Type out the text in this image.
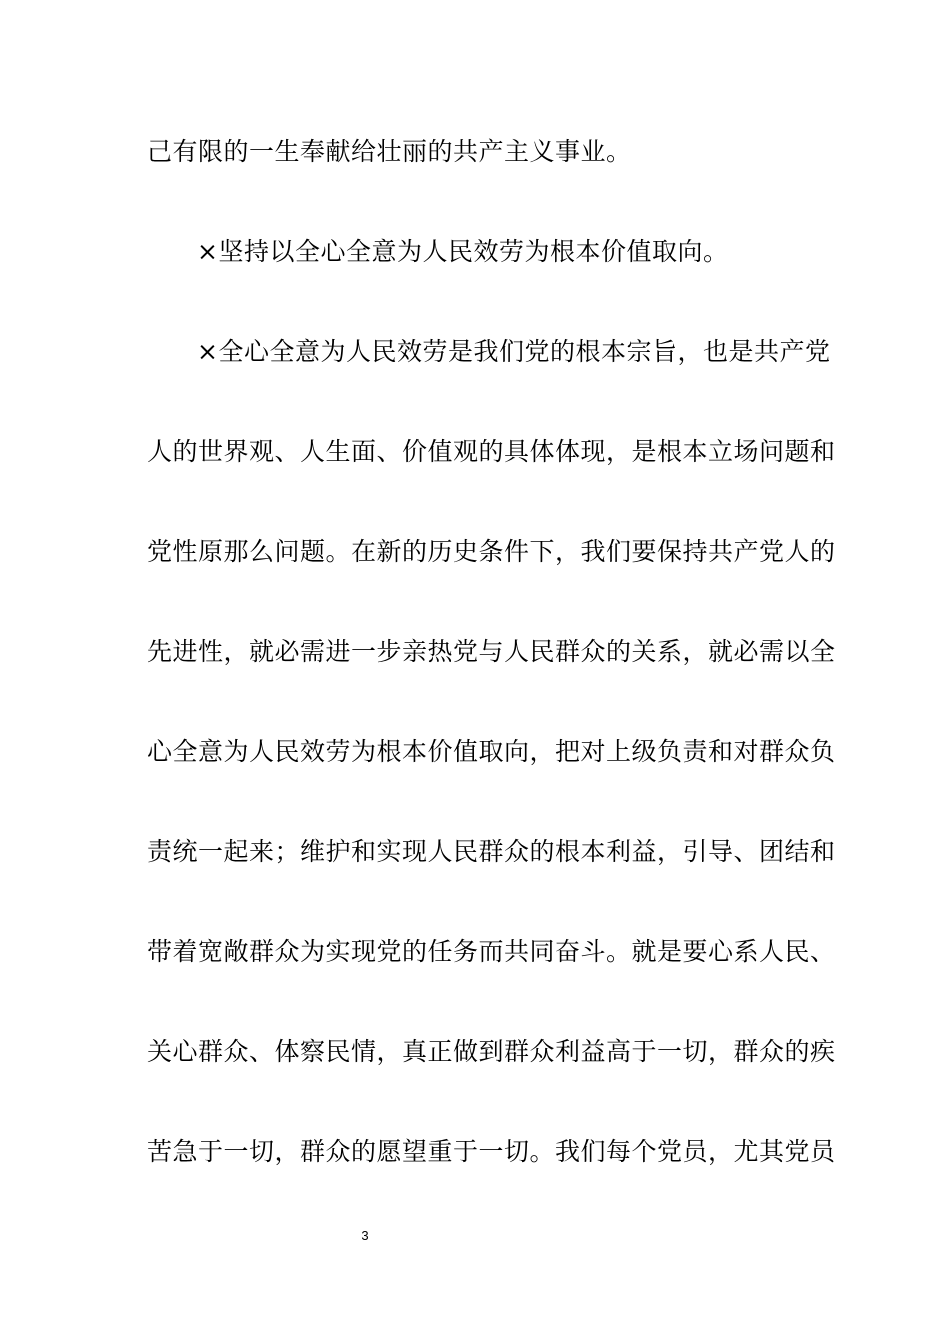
己有限的一生奉献给壮丽的共产主义事业。
×坚持以全心全意为人民效劳为根本价值取向。
×全心全意为人民效劳是我们党的根本宗旨，也是共产党
人的世界观、人生面、价值观的具体体现，是根本立场问题和
党性原那么问题。在新的历史条件下，我们要保持共产党人的
先进性，就必需进一步亲热党与人民群众的关系，就必需以全
心全意为人民效劳为根本价值取向，把对上级负责和对群众负
责统一起来；维护和实现人民群众的根本利益，引导、团结和
带着宽敞群众为实现党的任务而共同奋斗。就是要心系人民、
关心群众、体察民情，真正做到群众利益高于一切，群众的疾
苦急于一切，群众的愿望重于一切。我们每个党员，尤其党员
3
